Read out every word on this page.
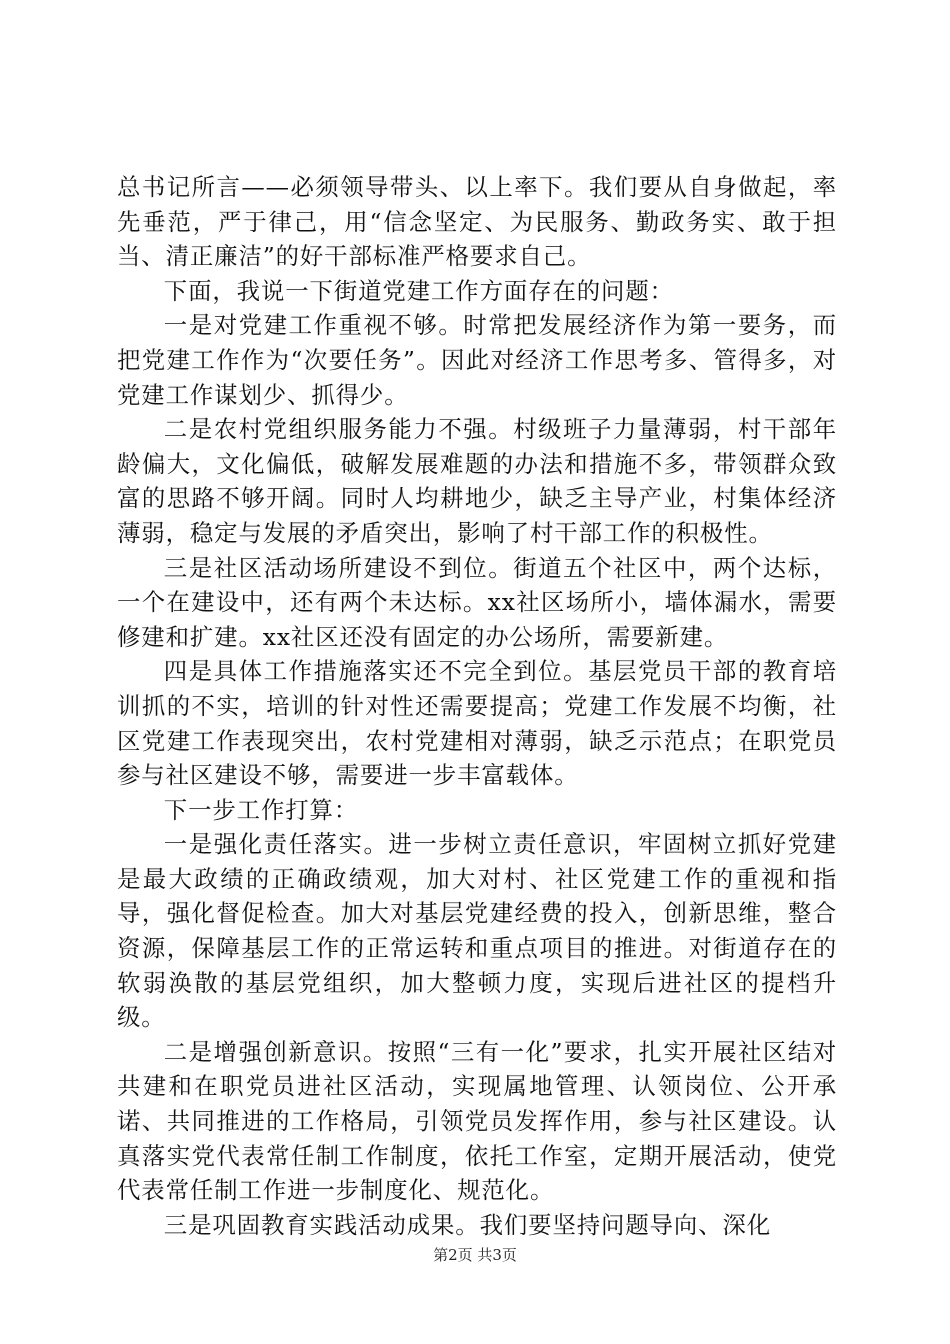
总书记所言——必须领导带头、以上率下。我们要从自身做起，率先垂范，严于律己，用“信念坚定、为民服务、勤政务实、敢于担当、清正廉洁”的好干部标准严格要求自己。

下面，我说一下街道党建工作方面存在的问题：

一是对党建工作重视不够。时常把发展经济作为第一要务，而把党建工作作为“次要任务”。因此对经济工作思考多、管得多，对党建工作谋划少、抓得少。

二是农村党组织服务能力不强。村级班子力量薄弱，村干部年龄偏大，文化偏低，破解发展难题的办法和措施不多，带领群众致富的思路不够开阔。同时人均耕地少，缺乏主导产业，村集体经济薄弱，稳定与发展的矛盾突出，影响了村干部工作的积极性。

三是社区活动场所建设不到位。街道五个社区中，两个达标，一个在建设中，还有两个未达标。xx社区场所小，墙体漏水，需要修建和扩建。xx社区还没有固定的办公场所，需要新建。

四是具体工作措施落实还不完全到位。基层党员干部的教育培训抓的不实，培训的针对性还需要提高；党建工作发展不均衡，社区党建工作表现突出，农村党建相对薄弱，缺乏示范点；在职党员参与社区建设不够，需要进一步丰富载体。

下一步工作打算：

一是强化责任落实。进一步树立责任意识，牢固树立抓好党建是最大政绩的正确政绩观，加大对村、社区党建工作的重视和指导，强化督促检查。加大对基层党建经费的投入，创新思维，整合资源，保障基层工作的正常运转和重点项目的推进。对街道存在的软弱涣散的基层党组织，加大整顿力度，实现后进社区的提档升级。

二是增强创新意识。按照“三有一化”要求，扎实开展社区结对共建和在职党员进社区活动，实现属地管理、认领岗位、公开承诺、共同推进的工作格局，引领党员发挥作用，参与社区建设。认真落实党代表常任制工作制度，依托工作室，定期开展活动，使党代表常任制工作进一步制度化、规范化。

三是巩固教育实践活动成果。我们要坚持问题导向、深化

第2页 共3页
